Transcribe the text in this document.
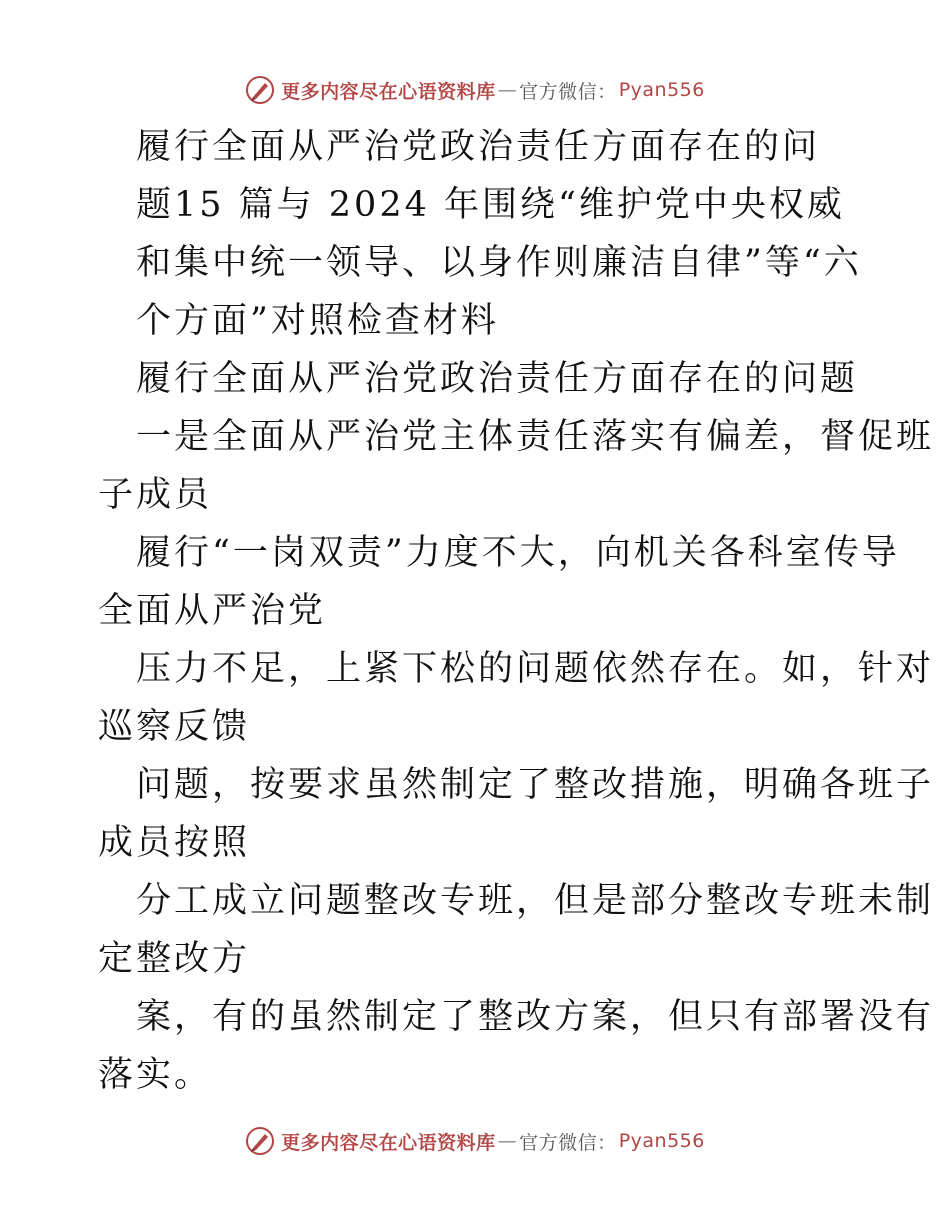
更多内容尽在心语资料库 — 官方微信： Pyan556
履行全面从严治党政治责任方面存在的问
题15 篇与 2024 年围绕“维护党中央权威
和集中统一领导、以身作则廉洁自律”等“六
个方面”对照检查材料
履行全面从严治党政治责任方面存在的问题
一是全面从严治党主体责任落实有偏差，督促班
子成员
履行“一岗双责”力度不大，向机关各科室传导
全面从严治党
压力不足，上紧下松的问题依然存在。如，针对
巡察反馈
问题，按要求虽然制定了整改措施，明确各班子
成员按照
分工成立问题整改专班，但是部分整改专班未制
定整改方
案，有的虽然制定了整改方案，但只有部署没有
落实。
更多内容尽在心语资料库 — 官方微信： Pyan556
